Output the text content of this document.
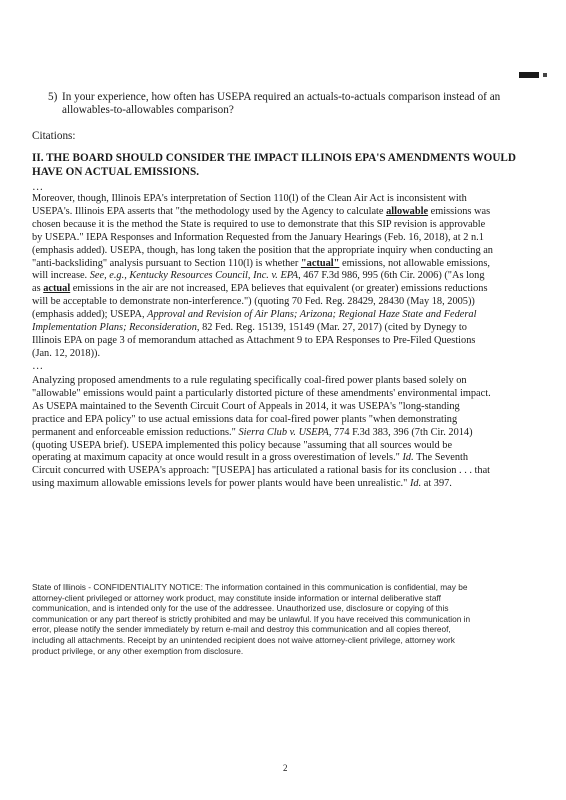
5) In your experience, how often has USEPA required an actuals-to-actuals comparison instead of an allowables-to-allowables comparison?
Citations:
II. THE BOARD SHOULD CONSIDER THE IMPACT ILLINOIS EPA'S AMENDMENTS WOULD HAVE ON ACTUAL EMISSIONS.
…
Moreover, though, Illinois EPA's interpretation of Section 110(l) of the Clean Air Act is inconsistent with
USEPA's. Illinois EPA asserts that "the methodology used by the Agency to calculate allowable emissions was
chosen because it is the method the State is required to use to demonstrate that this SIP revision is approvable
by USEPA." IEPA Responses and Information Requested from the January Hearings (Feb. 16, 2018), at 2 n.1
(emphasis added). USEPA, though, has long taken the position that the appropriate inquiry when conducting an
"anti-backsliding" analysis pursuant to Section 110(l) is whether "actual" emissions, not allowable emissions,
will increase. See, e.g., Kentucky Resources Council, Inc. v. EPA, 467 F.3d 986, 995 (6th Cir. 2006) ("As long
as actual emissions in the air are not increased, EPA believes that equivalent (or greater) emissions reductions
will be acceptable to demonstrate non-interference.") (quoting 70 Fed. Reg. 28429, 28430 (May 18, 2005))
(emphasis added); USEPA, Approval and Revision of Air Plans; Arizona; Regional Haze State and Federal
Implementation Plans; Reconsideration, 82 Fed. Reg. 15139, 15149 (Mar. 27, 2017) (cited by Dynegy to
Illinois EPA on page 3 of memorandum attached as Attachment 9 to EPA Responses to Pre-Filed Questions
(Jan. 12, 2018)).
…
Analyzing proposed amendments to a rule regulating specifically coal-fired power plants based solely on
"allowable" emissions would paint a particularly distorted picture of these amendments' environmental impact.
As USEPA maintained to the Seventh Circuit Court of Appeals in 2014, it was USEPA's "long-standing
practice and EPA policy" to use actual emissions data for coal-fired power plants "when demonstrating
permanent and enforceable emission reductions." Sierra Club v. USEPA, 774 F.3d 383, 396 (7th Cir. 2014)
(quoting USEPA brief). USEPA implemented this policy because "assuming that all sources would be
operating at maximum capacity at once would result in a gross overestimation of levels." Id. The Seventh
Circuit concurred with USEPA's approach: "[USEPA] has articulated a rational basis for its conclusion . . . that
using maximum allowable emissions levels for power plants would have been unrealistic." Id. at 397.
State of Illinois - CONFIDENTIALITY NOTICE: The information contained in this communication is confidential, may be
attorney-client privileged or attorney work product, may constitute inside information or internal deliberative staff
communication, and is intended only for the use of the addressee. Unauthorized use, disclosure or copying of this
communication or any part thereof is strictly prohibited and may be unlawful. If you have received this communication in
error, please notify the sender immediately by return e-mail and destroy this communication and all copies thereof,
including all attachments. Receipt by an unintended recipient does not waive attorney-client privilege, attorney work
product privilege, or any other exemption from disclosure.
2
